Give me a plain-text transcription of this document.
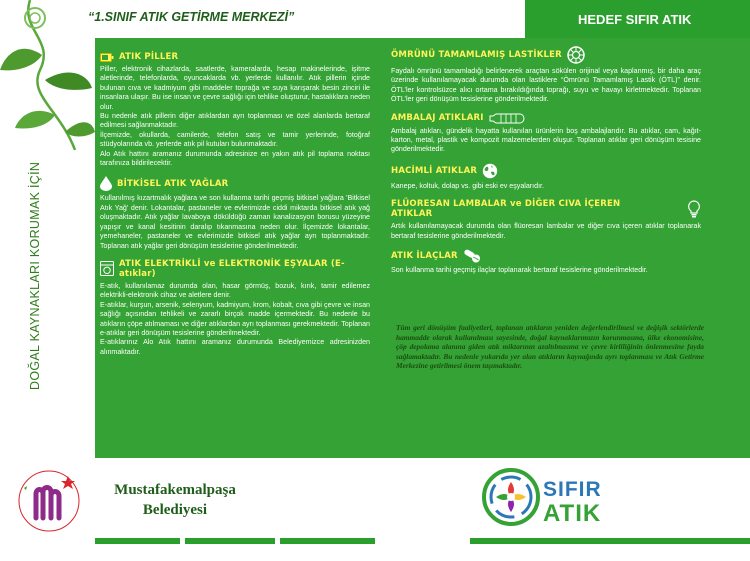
DOĞAL KAYNAKLARI KORUMAK İÇİN
“1.SINIF ATIK GETİRME MERKEZİ”	HEDEF SIFIR ATIK
ATIK PİLLER
Piller, elektronik cihazlarda, saatlerde, kameralarda, hesap makinelerinde, işitme aletlerinde, telefonlarda, oyuncaklarda vb. yerlerde kullanılır. Atık pillerin içinde bulunan cıva ve kadmiyum gibi maddeler toprağa ve suya karışarak besin zinciri ile insanlara ulaşır. Bu ise insan ve çevre sağlığı için tehlike oluşturur, hastalıklara neden olur.
Bu nedenle atık pillerin diğer atıklardan ayrı toplanması ve özel alanlarda bertaraf edilmesi sağlanmaktadır.
İlçemizde, okullarda, camilerde, telefon satış ve tamir yerlerinde, fotoğraf stüdyolarında vb. yerlerde atık pil kutuları bulunmaktadır.
Alo Atık hattını aramanız durumunda adresinize en yakın atık pil toplama noktası tarafınıza bildirilecektir.
BİTKİSEL ATIK YAĞLAR
Kullanılmış kızartmalık yağlara ve son kullanma tarihi geçmiş bitkisel yağlara 'Bitkisel Atık Yağ' denir. Lokantalar, pastaneler ve evlerimizde ciddi miktarda bitkisel atık yağ oluşmaktadır. Atık yağlar lavaboya döküldüğü zaman kanalizasyon borusu yüzeyine yapışır ve kanal kesitinin daralıp tıkanmasına neden olur. İlçemizde lokantalar, yemehaneler, pastaneler ve evlerimizde bitkisel atık yağlar ayrı toplanmaktadır. Toplanan atık yağlar geri dönüşüm tesislerine gönderilmektedir.
ATIK ELEKTRİKLİ ve ELEKTRONİK EŞYALAR (E-atıklar)
E-atık, kullanılamaz durumda olan, hasar görmüş, bozuk, kırık, tamir edilemez elektrikli-elektronik cihaz ve aletlere denir.
E-atıklar, kurşun, arsenik, selenyum, kadmiyum, krom, kobalt, cıva gibi çevre ve insan sağlığı açısından tehlikeli ve zararlı birçok madde içermektedir. Bu nedenle bu atıkların çöpe atılmaması ve diğer atıklardan ayrı toplanması gerekmektedir. Toplanan e-atıklar geri dönüşüm tesislerine gönderilmektedir.
E-atıklarınız Alo Atık hattını aramanız durumunda Belediyemizce adresinizden alınmaktadır.
ÖMRÜNÜ TAMAMLAMIŞ LASTİKLER
Faydalı ömrünü tamamladığı belirlenerek araçtan sökülen orijinal veya kaplanmış, bir daha araç üzerinde kullanılamayacak durumda olan lastiklere “Ömrünü Tamamlamış Lastik (ÖTL)” denir. ÖTL’ler kontrolsüzce alıcı ortama bırakıldığında toprağı, suyu ve havayı kirletmektedir. Toplanan ÖTL’ler geri dönüşüm tesislerine gönderilmektedir.
AMBALAJ ATIKLARI
Ambalaj atıkları, gündelik hayatta kullanılan ürünlerin boş ambalajlarıdır. Bu atıklar, cam, kağıt-karton, metal, plastik ve kompozit malzemelerden oluşur. Toplanan atıklar geri dönüşüm tesisine gönderilmektedir.
HACİMLİ ATIKLAR
Kanepe, koltuk, dolap vs. gibi eski ev eşyalarıdır.
FLÜORESAN LAMBALAR ve DİĞER CIVA İÇEREN ATIKLAR
Artık kullanılamayacak durumda olan flüoresan lambalar ve diğer cıva içeren atıklar toplanarak bertaraf tesislerine gönderilmektedir.
ATIK İLAÇLAR
Son kullanma tarihi geçmiş ilaçlar toplanarak bertaraf tesislerine gönderilmektedir.
Tüm geri dönüşüm faaliyetleri, toplanan atıkların yeniden değerlendirilmesi ve değişik sektörlerde hammadde olarak kullanılması sayesinde, doğal kaynaklarımızın korunmasına, ülke ekonomisine, çöp depolama alanına giden atık miktarının azaltılmasına ve çevre kirliliğinin önlenmesine fayda sağlamaktadır. Bu nedenle yukarıda yer alan atıkların kaynağında ayrı toplanması ve Atık Getirme Merkezine getirilmesi önem taşımaktadır.
Mustafakemalpaşa
Belediyesi
SIFIR
ATIK
